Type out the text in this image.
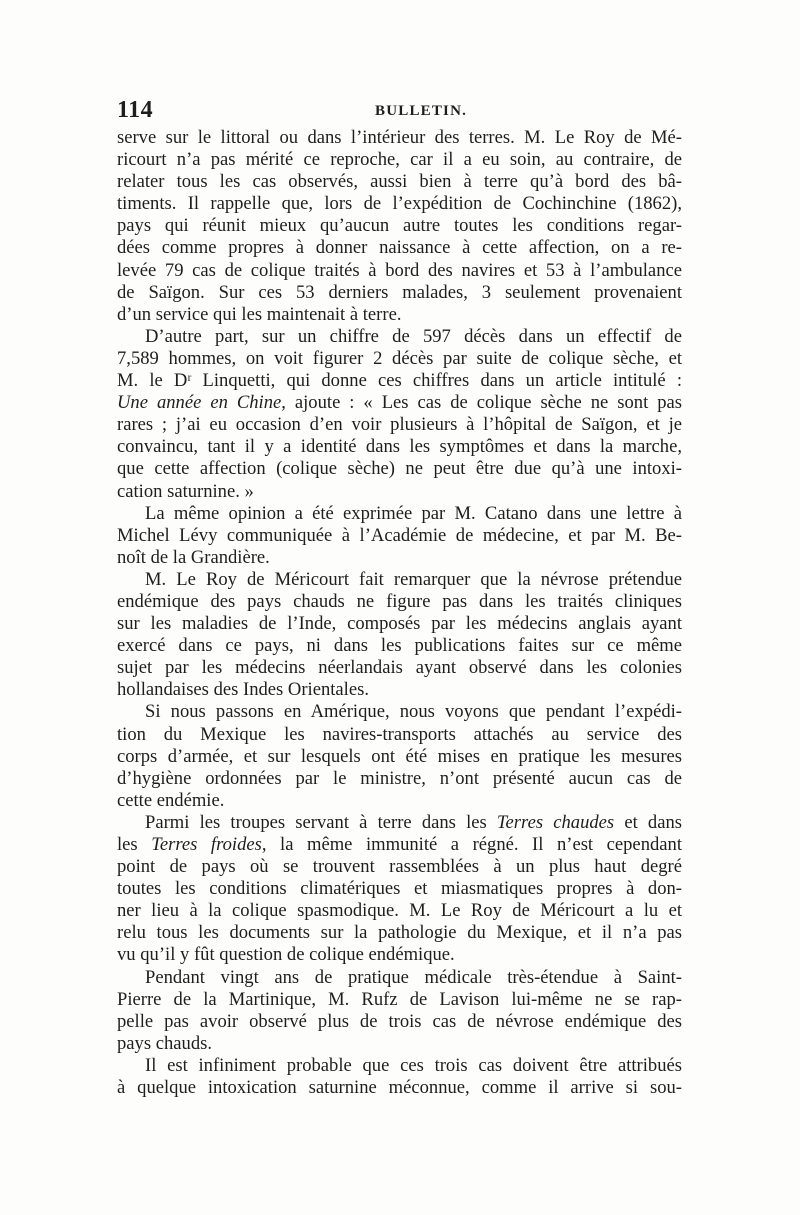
114	BULLETIN.
serve sur le littoral ou dans l’intérieur des terres. M. Le Roy de Mé-
ricourt n’a pas mérité ce reproche, car il a eu soin, au contraire, de
relater tous les cas observés, aussi bien à terre qu’à bord des bâ-
timents. Il rappelle que, lors de l’expédition de Cochinchine (1862),
pays qui réunit mieux qu’aucun autre toutes les conditions regar-
dées comme propres à donner naissance à cette affection, on a re-
levée 79 cas de colique traités à bord des navires et 53 à l’ambulance
de Saïgon. Sur ces 53 derniers malades, 3 seulement provenaient
d’un service qui les maintenait à terre.
D’autre part, sur un chiffre de 597 décès dans un effectif de
7,589 hommes, on voit figurer 2 décès par suite de colique sèche, et
M. le Dʳ Linquetti, qui donne ces chiffres dans un article intitulé :
Une année en Chine, ajoute : « Les cas de colique sèche ne sont pas
rares ; j’ai eu occasion d’en voir plusieurs à l’hôpital de Saïgon, et je
convaincu, tant il y a identité dans les symptômes et dans la marche,
que cette affection (colique sèche) ne peut être due qu’à une intoxi-
cation saturnine. »
La même opinion a été exprimée par M. Catano dans une lettre à
Michel Lévy communiquée à l’Académie de médecine, et par M. Be-
noît de la Grandière.
M. Le Roy de Méricourt fait remarquer que la névrose prétendue
endémique des pays chauds ne figure pas dans les traités cliniques
sur les maladies de l’Inde, composés par les médecins anglais ayant
exercé dans ce pays, ni dans les publications faites sur ce même
sujet par les médecins néerlandais ayant observé dans les colonies
hollandaises des Indes Orientales.
Si nous passons en Amérique, nous voyons que pendant l’expédi-
tion du Mexique les navires-transports attachés au service des
corps d’armée, et sur lesquels ont été mises en pratique les mesures
d’hygiène ordonnées par le ministre, n’ont présenté aucun cas de
cette endémie.
Parmi les troupes servant à terre dans les Terres chaudes et dans
les Terres froides, la même immunité a régné. Il n’est cependant
point de pays où se trouvent rassemblées à un plus haut degré
toutes les conditions climatériques et miasmatiques propres à don-
ner lieu à la colique spasmodique. M. Le Roy de Méricourt a lu et
relu tous les documents sur la pathologie du Mexique, et il n’a pas
vu qu’il y fût question de colique endémique.
Pendant vingt ans de pratique médicale très-étendue à Saint-
Pierre de la Martinique, M. Rufz de Lavison lui-même ne se rap-
pelle pas avoir observé plus de trois cas de névrose endémique des
pays chauds.
Il est infiniment probable que ces trois cas doivent être attribués
à quelque intoxication saturnine méconnue, comme il arrive si sou-
